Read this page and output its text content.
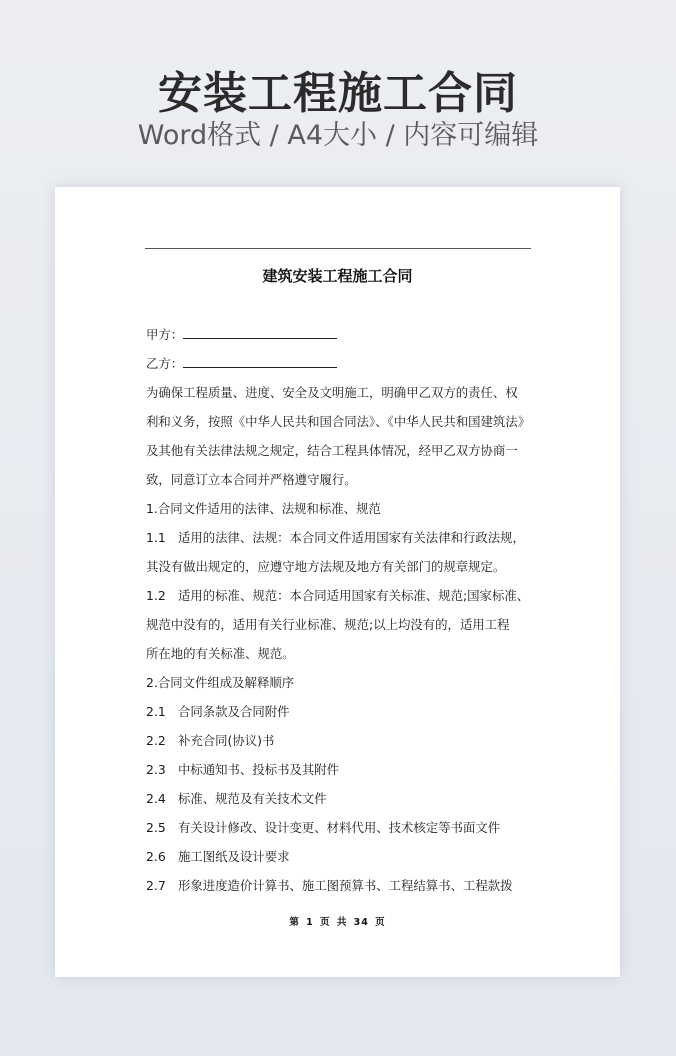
安装工程施工合同
Word格式 / A4大小 / 内容可编辑
建筑安装工程施工合同
甲方：
乙方：
为确保工程质量、进度、安全及文明施工，明确甲乙双方的责任、权
利和义务，按照《中华人民共和国合同法》、《中华人民共和国建筑法》
及其他有关法律法规之规定，结合工程具体情况，经甲乙双方协商一
致，同意订立本合同并严格遵守履行。
1.合同文件适用的法律、法规和标准、规范
1.1 适用的法律、法规：本合同文件适用国家有关法律和行政法规，
其没有做出规定的，应遵守地方法规及地方有关部门的规章规定。
1.2 适用的标准、规范：本合同适用国家有关标准、规范;国家标准、
规范中没有的，适用有关行业标准、规范;以上均没有的，适用工程
所在地的有关标准、规范。
2.合同文件组成及解释顺序
2.1 合同条款及合同附件
2.2 补充合同(协议)书
2.3 中标通知书、投标书及其附件
2.4 标准、规范及有关技术文件
2.5 有关设计修改、设计变更、材料代用、技术核定等书面文件
2.6 施工图纸及设计要求
2.7 形象进度造价计算书、施工图预算书、工程结算书、工程款拨
第 1 页 共 34 页
